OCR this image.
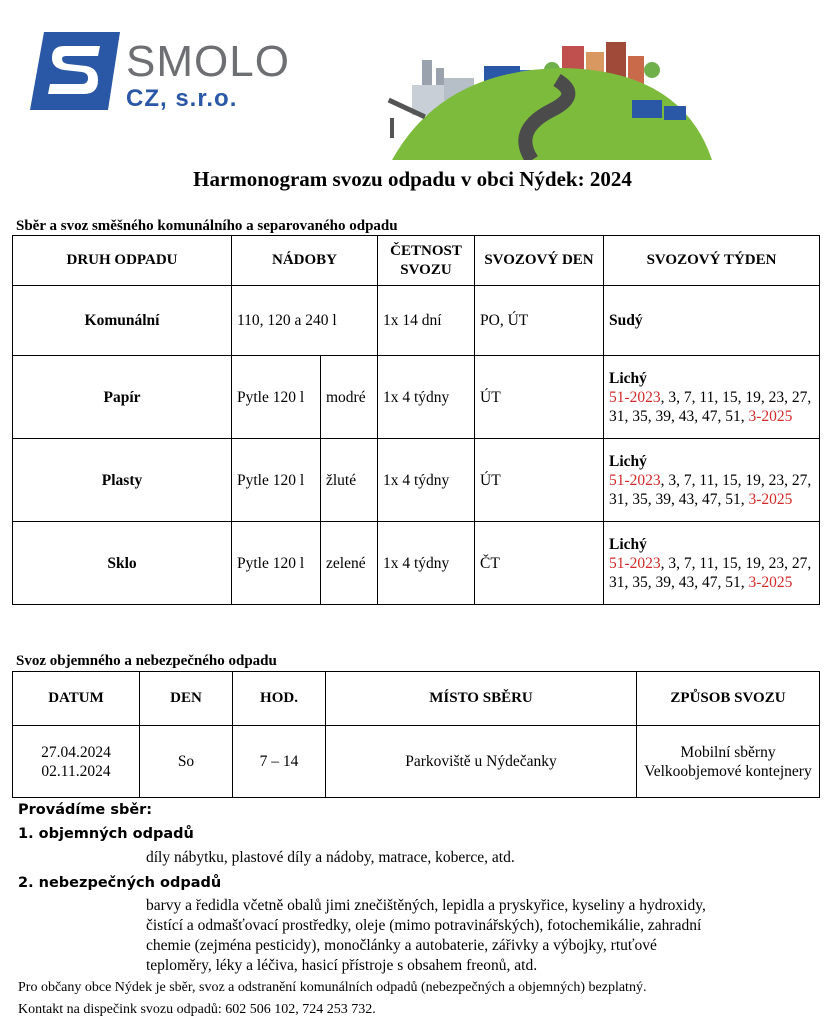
SMOLO
CZ, s.r.o.
Harmonogram svozu odpadu v obci Nýdek: 2024
Sběr a svoz směšného komunálního a separovaného odpadu
DRUH ODPADU	NÁDOBY		ČETNOST SVOZU	SVOZOVÝ DEN	SVOZOVÝ TÝDEN
Komunální	110, 120 a 240 l		1x 14 dní	PO, ÚT	Sudý
Papír	Pytle 120 l	modré	1x 4 týdny	ÚT	Lichý
51-2023, 3, 7, 11, 15, 19, 23, 27, 31, 35, 39, 43, 47, 51, 3-2025
Plasty	Pytle 120 l	žluté	1x 4 týdny	ÚT	Lichý
51-2023, 3, 7, 11, 15, 19, 23, 27, 31, 35, 39, 43, 47, 51, 3-2025
Sklo	Pytle 120 l	zelené	1x 4 týdny	ČT	Lichý
51-2023, 3, 7, 11, 15, 19, 23, 27, 31, 35, 39, 43, 47, 51, 3-2025
Svoz objemného a nebezpečného odpadu
DATUM	DEN	HOD.	MÍSTO SBĚRU	ZPŮSOB SVOZU
27.04.2024
02.11.2024	So	7 – 14	Parkoviště u Nýdečanky	Mobilní sběrny
Velkoobjemové kontejnery
Provádíme sběr:
1. objemných odpadů
díly nábytku, plastové díly a nádoby, matrace, koberce, atd.
2. nebezpečných odpadů
barvy a ředidla včetně obalů jimi znečištěných, lepidla a pryskyřice, kyseliny a hydroxidy,
čistící a odmašťovací prostředky, oleje (mimo potravinářských), fotochemikálie, zahradní
chemie (zejména pesticidy), monočlánky a autobaterie, zářivky a výbojky, rtuťové
teploměry, léky a léčiva, hasicí přístroje s obsahem freonů, atd.
Pro občany obce Nýdek je sběr, svoz a odstranění komunálních odpadů (nebezpečných a objemných) bezplatný.
Kontakt na dispečink svozu odpadů: 602 506 102, 724 253 732.
